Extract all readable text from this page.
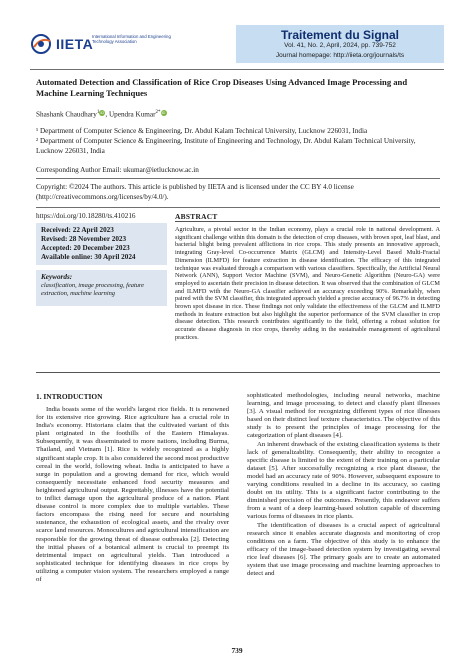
IIETA
International Information and Engineering Technology Association	Traitement du Signal
Vol. 41, No. 2, April, 2024, pp. 739-752
Journal homepage: http://iieta.org/journals/ts
Automated Detection and Classification of Rice Crop Diseases Using Advanced Image Processing and Machine Learning Techniques
Shashank Chaudhary$^1$iD, Upendra Kumar$^{2*}$iD
¹ Department of Computer Science & Engineering, Dr. Abdul Kalam Technical University, Lucknow 226031, India
² Department of Computer Science & Engineering, Institute of Engineering and Technology, Dr. Abdul Kalam Technical University, Lucknow 226031, India
Corresponding Author Email: ukumar@ietlucknow.ac.in
Copyright: ©2024 The authors. This article is published by IIETA and is licensed under the CC BY 4.0 license (http://creativecommons.org/licenses/by/4.0/).
https://doi.org/10.18280/ts.410216
Received: 22 April 2023
Revised: 28 November 2023
Accepted: 20 December 2023
Available online: 30 April 2024
Keywords:
classification, image processing, feature extraction, machine learning
ABSTRACT
Agriculture, a pivotal sector in the Indian economy, plays a crucial role in national development. A significant challenge within this domain is the detection of crop diseases, with brown spot, leaf blast, and bacterial blight being prevalent afflictions in rice crops. This study presents an innovative approach, integrating Gray-level Co-occurrence Matrix (GLCM) and Intensity-Level Based Multi-Fractal Dimension (ILMFD) for feature extraction in disease identification. The efficacy of this integrated technique was evaluated through a comparison with various classifiers. Specifically, the Artificial Neural Network (ANN), Support Vector Machine (SVM), and Neuro-Genetic Algorithm (Neuro-GA) were employed to ascertain their precision in disease detection. It was observed that the combination of GLCM and ILMFD with the Neuro-GA classifier achieved an accuracy exceeding 90%. Remarkably, when paired with the SVM classifier, this integrated approach yielded a precise accuracy of 96.7% in detecting brown spot disease in rice. These findings not only validate the effectiveness of the GLCM and ILMFD methods in feature extraction but also highlight the superior performance of the SVM classifier in crop disease detection. This research contributes significantly to the field, offering a robust solution for accurate disease diagnosis in rice crops, thereby aiding in the sustainable management of agricultural practices.
1. INTRODUCTION

India boasts some of the world's largest rice fields. It is renowned for its extensive rice growing. Rice agriculture has a crucial role in India's economy. Historians claim that the cultivated variant of this plant originated in the foothills of the Eastern Himalayas. Subsequently, it was disseminated to more nations, including Burma, Thailand, and Vietnam [1]. Rice is widely recognized as a highly significant staple crop. It is also considered the second most productive cereal in the world, following wheat. India is anticipated to have a surge in population and a growing demand for rice, which would consequently necessitate enhanced food security measures and heightened agricultural output. Regrettably, illnesses have the potential to inflict damage upon the agricultural produce of a nation. Plant disease control is more complex due to multiple variables. These factors encompass the rising need for secure and nourishing sustenance, the exhaustion of ecological assets, and the rivalry over scarce land resources. Monocultures and agricultural intensification are responsible for the growing threat of disease outbreaks [2]. Detecting the initial phases of a botanical ailment is crucial to preempt its detrimental impact on agricultural yields. Tian introduced a sophisticated technique for identifying diseases in rice crops by utilizing a computer vision system. The researchers employed a range of

sophisticated methodologies, including neural networks, machine learning, and image processing, to detect and classify plant illnesses [3]. A visual method for recognizing different types of rice illnesses based on their distinct leaf texture characteristics. The objective of this study is to present the principles of image processing for the categorization of plant diseases [4].

An inherent drawback of the existing classification systems is their lack of generalizability. Consequently, their ability to recognize a specific disease is limited to the extent of their training on a particular dataset [5]. After successfully recognizing a rice plant disease, the model had an accuracy rate of 90%. However, subsequent exposure to varying conditions resulted in a decline in its accuracy, so casting doubt on its utility. This is a significant factor contributing to the diminished precision of the outcomes. Presently, this endeavor suffers from a want of a deep learning-based solution capable of discerning various forms of diseases in rice plants.

The identification of diseases is a crucial aspect of agricultural research since it enables accurate diagnosis and monitoring of crop conditions on a farm. The objective of this study is to enhance the efficacy of the image-based detection system by investigating several rice leaf diseases [6]. The primary goals are to create an automated system that use image processing and machine learning approaches to detect and

739
